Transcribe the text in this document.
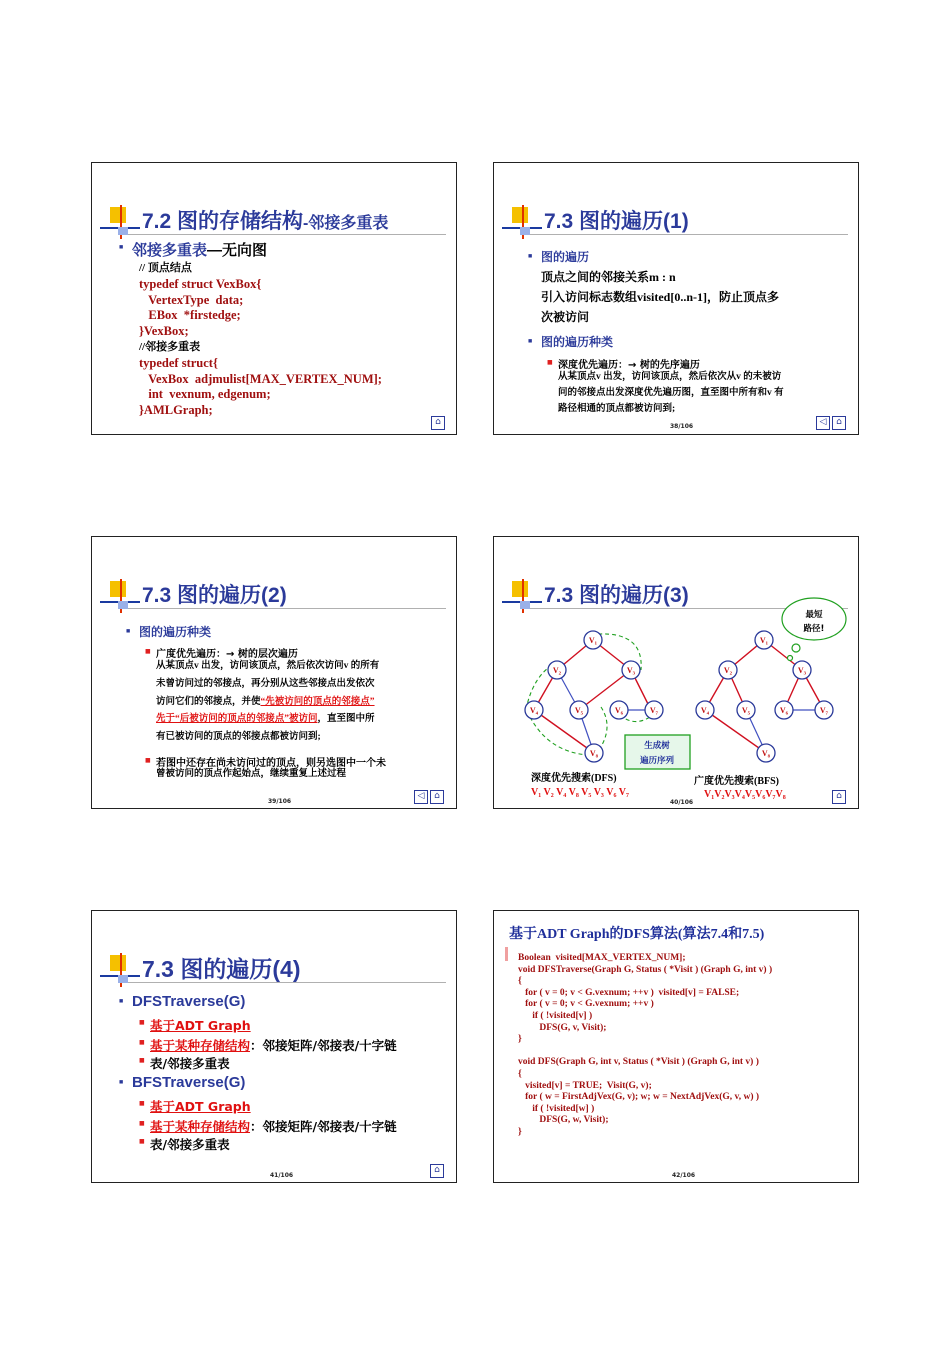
7.2 图的存储结构-邻接多重表
■ 邻接多重表—无向图
// 顶点结点
typedef struct VexBox{
VertexType  data;
EBox  *firstedge;
}VexBox;
//邻接多重表
typedef struct{
VexBox  adjmulist[MAX_VERTEX_NUM];
int  vexnum, edgenum;
}AMLGraph;
⌂
7.3 图的遍历(1)
■ 图的遍历
顶点之间的邻接关系m : n
引入访问标志数组visited[0..n-1]，防止顶点多
次被访问
■ 图的遍历种类
■ 深度优先遍历：→ 树的先序遍历
从某顶点v 出发，访问该顶点，然后依次从v 的未被访
问的邻接点出发深度优先遍历图，直至图中所有和v 有
路径相通的顶点都被访问到;
38/106	◁	⌂
7.3 图的遍历(2)
■ 图的遍历种类
■ 广度优先遍历：→ 树的层次遍历
从某顶点v 出发，访问该顶点，然后依次访问v 的所有
未曾访问过的邻接点，再分别从这些邻接点出发依次
访问它们的邻接点，并使“先被访问的顶点的邻接点”
先于“后被访问的顶点的邻接点”被访问，直至图中所
有已被访问的顶点的邻接点都被访问到;
■ 若图中还存在尚未访问过的顶点，则另选图中一个未
曾被访问的顶点作起始点，继续重复上述过程
39/106
◁	⌂
7.3 图的遍历(3)
V₁
V₂	V₃
V₄	V₅	V₆	V₇
V₈
V₁
V₂	V₃
V₄	V₅	V₆	V₇
V₈
最短
路径!
生成树
遍历序列
深度优先搜索(DFS)
V₁ V₂ V₄ V₈ V₅ V₃ V₆ V₇
广度优先搜索(BFS)
V₁V₂V₃V₄V₅V₆V₇V₈
40/106
⌂
7.3 图的遍历(4)
■ DFSTraverse(G)
■ 基于ADT Graph
■ 基于某种存储结构：邻接矩阵/邻接表/十字链
■ 表/邻接多重表
■ BFSTraverse(G)
■ 基于ADT Graph
■ 基于某种存储结构：邻接矩阵/邻接表/十字链
■ 表/邻接多重表
41/106
⌂
基于ADT Graph的DFS算法(算法7.4和7.5)
Boolean  visited[MAX_VERTEX_NUM];
void DFSTraverse(Graph G, Status ( *Visit ) (Graph G, int v) )
{
for ( v = 0; v < G.vexnum; ++v )  visited[v] = FALSE;
for ( v = 0; v < G.vexnum; ++v )
if ( !visited[v] )
DFS(G, v, Visit);
}
void DFS(Graph G, int v, Status ( *Visit ) (Graph G, int v) )
{
visited[v] = TRUE;  Visit(G, v);
for ( w = FirstAdjVex(G, v); w; w = NextAdjVex(G, v, w) )
if ( !visited[w] )
DFS(G, w, Visit);
}
42/106
